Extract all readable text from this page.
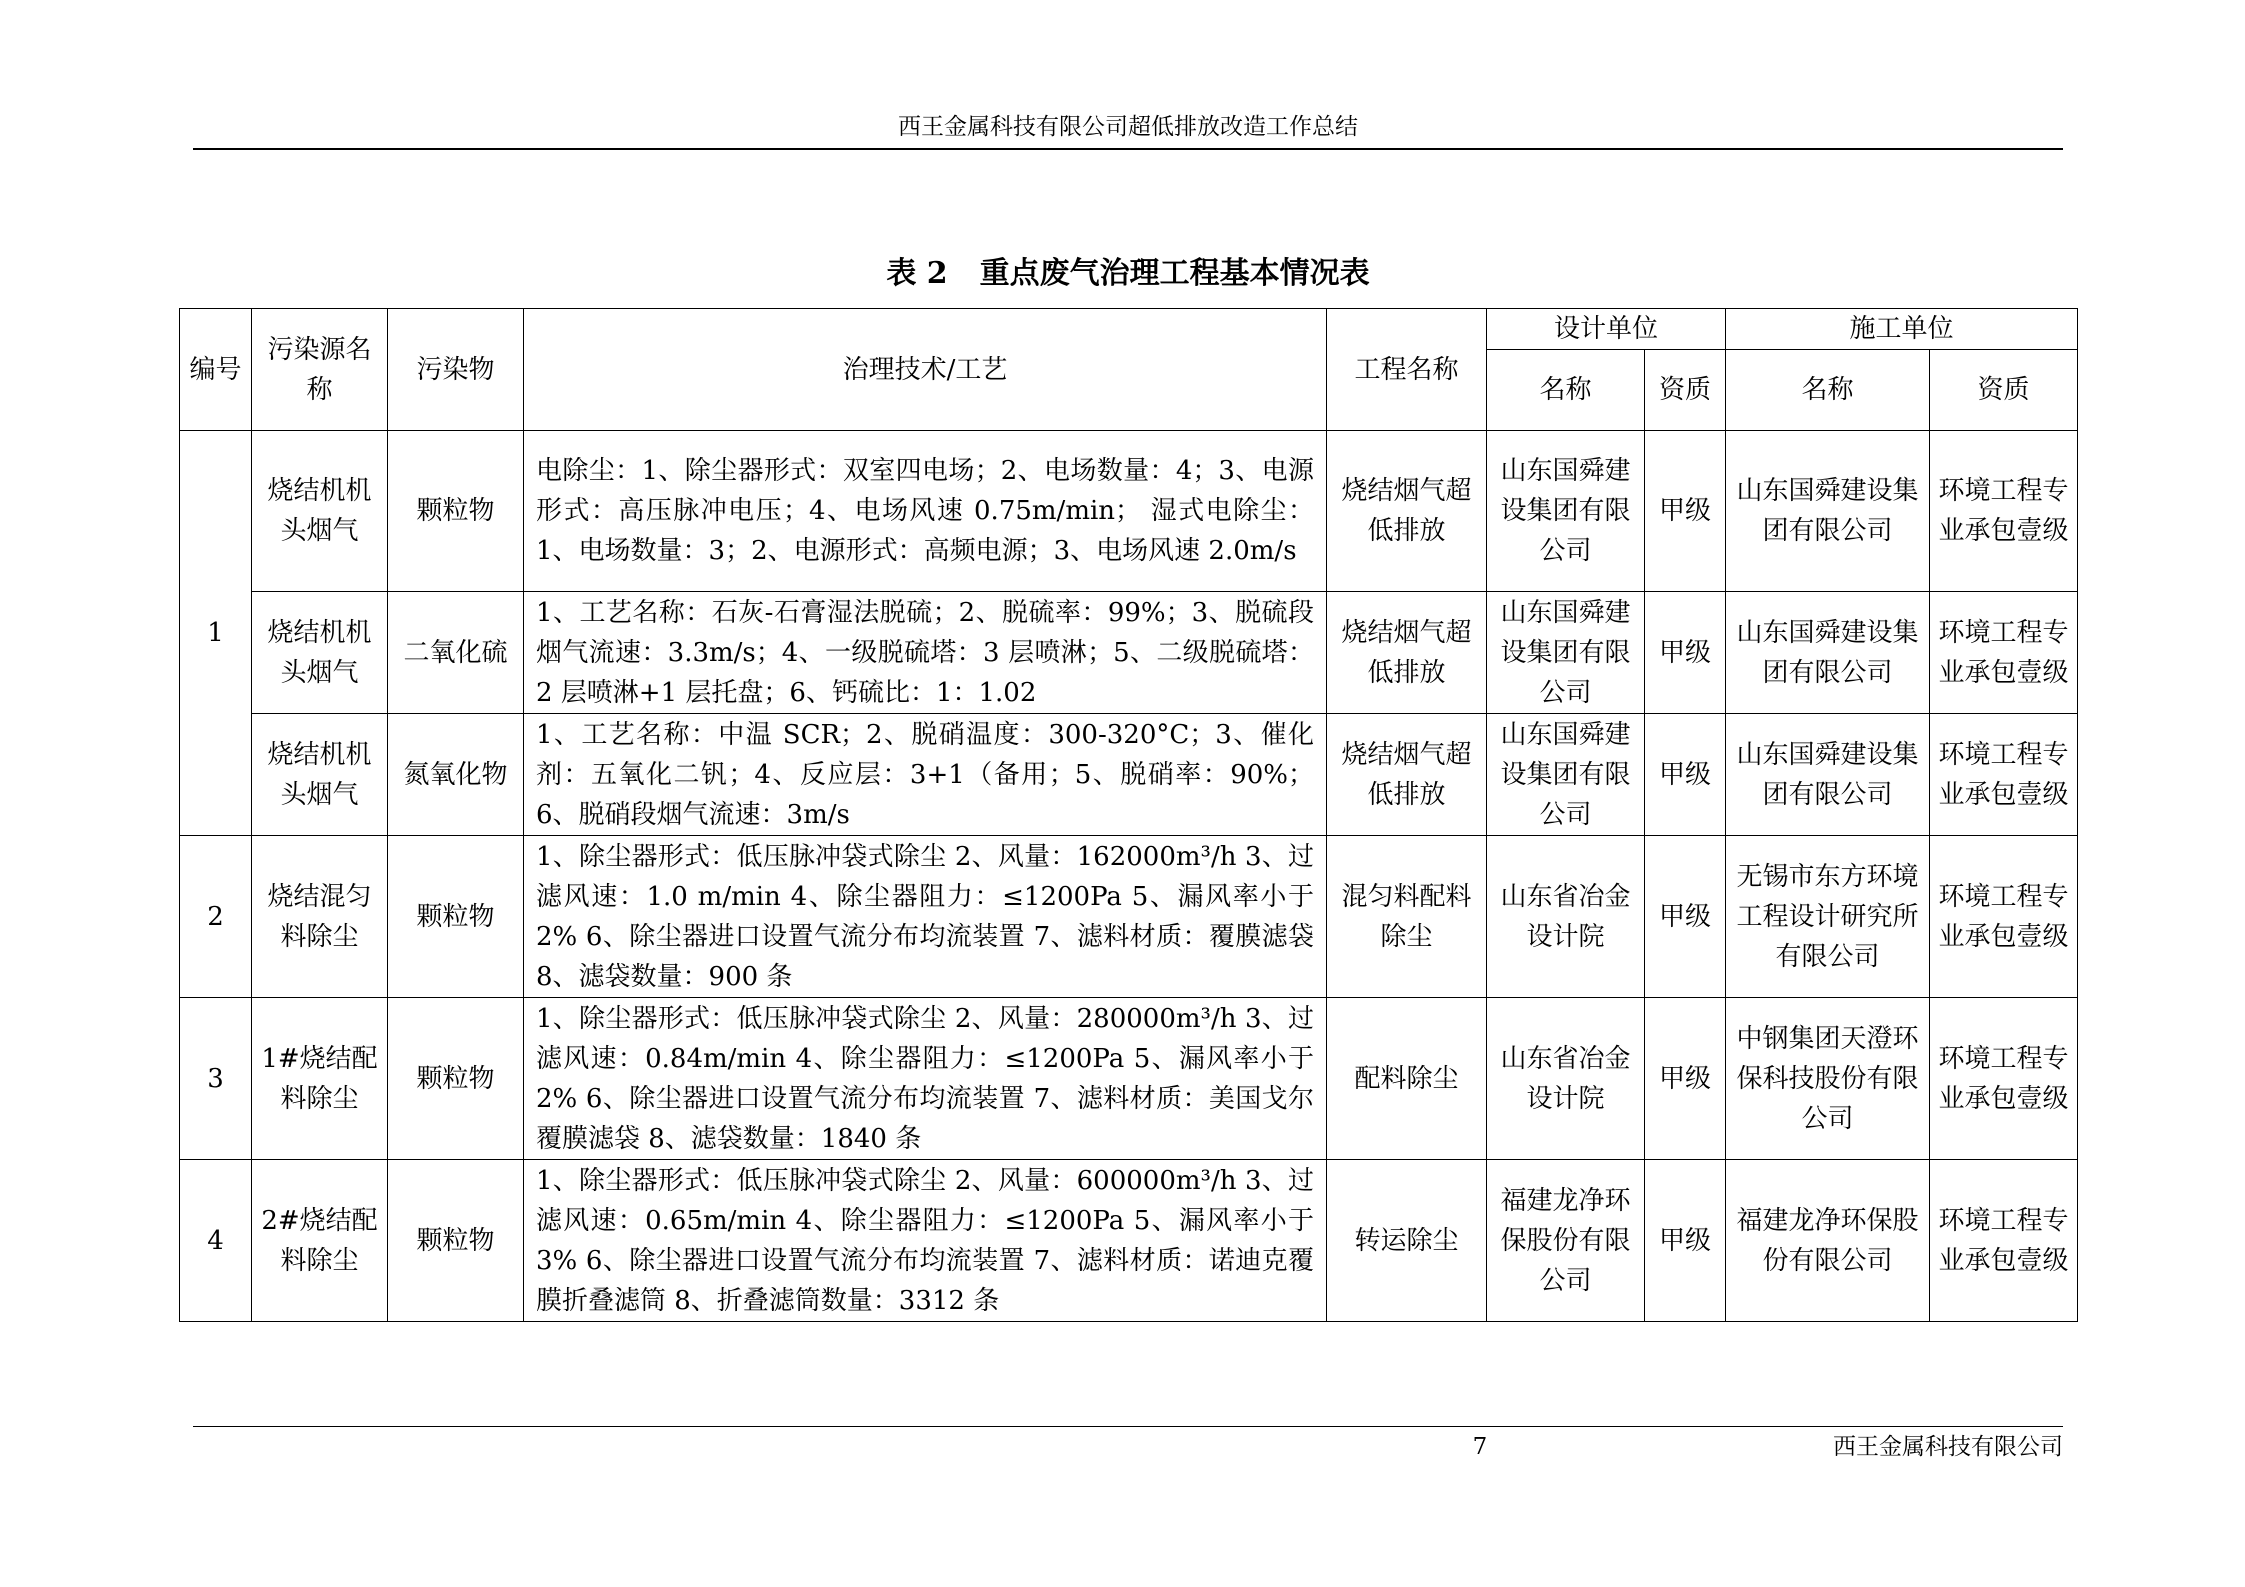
西王金属科技有限公司超低排放改造工作总结
表 2 重点废气治理工程基本情况表
编号	污染源名称	污染物	治理技术/工艺	工程名称	设计单位		施工单位	
					名称	资质	名称	资质
1	烧结机机头烟气	颗粒物	电除尘：1、除尘器形式：双室四电场；2、电场数量：4；3、电源形式：高压脉冲电压；4、电场风速 0.75m/min； 湿式电除尘： 1、电场数量：3；2、电源形式：高频电源；3、电场风速 2.0m/s	烧结烟气超低排放	山东国舜建设集团有限公司	甲级	山东国舜建设集团有限公司	环境工程专业承包壹级
	烧结机机头烟气	二氧化硫	1、工艺名称：石灰-石膏湿法脱硫；2、脱硫率：99%；3、脱硫段烟气流速：3.3m/s；4、一级脱硫塔：3 层喷淋；5、二级脱硫塔：2 层喷淋+1 层托盘；6、钙硫比：1：1.02	烧结烟气超低排放	山东国舜建设集团有限公司	甲级	山东国舜建设集团有限公司	环境工程专业承包壹级
	烧结机机头烟气	氮氧化物	1、工艺名称：中温 SCR；2、脱硝温度：300-320°C；3、催化剂：五氧化二钒；4、反应层：3+1（备用；5、脱硝率：90%；6、脱硝段烟气流速：3m/s	烧结烟气超低排放	山东国舜建设集团有限公司	甲级	山东国舜建设集团有限公司	环境工程专业承包壹级
2	烧结混匀料除尘	颗粒物	1、除尘器形式：低压脉冲袋式除尘 2、风量：162000m³/h 3、过滤风速：1.0 m/min 4、除尘器阻力：≤1200Pa 5、漏风率小于 2% 6、除尘器进口设置气流分布均流装置 7、滤料材质：覆膜滤袋 8、滤袋数量：900 条	混匀料配料除尘	山东省冶金设计院	甲级	无锡市东方环境工程设计研究所有限公司	环境工程专业承包壹级
3	1#烧结配料除尘	颗粒物	1、除尘器形式：低压脉冲袋式除尘 2、风量：280000m³/h 3、过滤风速：0.84m/min 4、除尘器阻力：≤1200Pa 5、漏风率小于 2% 6、除尘器进口设置气流分布均流装置 7、滤料材质：美国戈尔覆膜滤袋 8、滤袋数量：1840 条	配料除尘	山东省冶金设计院	甲级	中钢集团天澄环保科技股份有限公司	环境工程专业承包壹级
4	2#烧结配料除尘	颗粒物	1、除尘器形式：低压脉冲袋式除尘 2、风量：600000m³/h 3、过滤风速：0.65m/min 4、除尘器阻力：≤1200Pa 5、漏风率小于 3% 6、除尘器进口设置气流分布均流装置 7、滤料材质：诺迪克覆膜折叠滤筒 8、折叠滤筒数量：3312 条	转运除尘	福建龙净环保股份有限公司	甲级	福建龙净环保股份有限公司	环境工程专业承包壹级
7	西王金属科技有限公司
